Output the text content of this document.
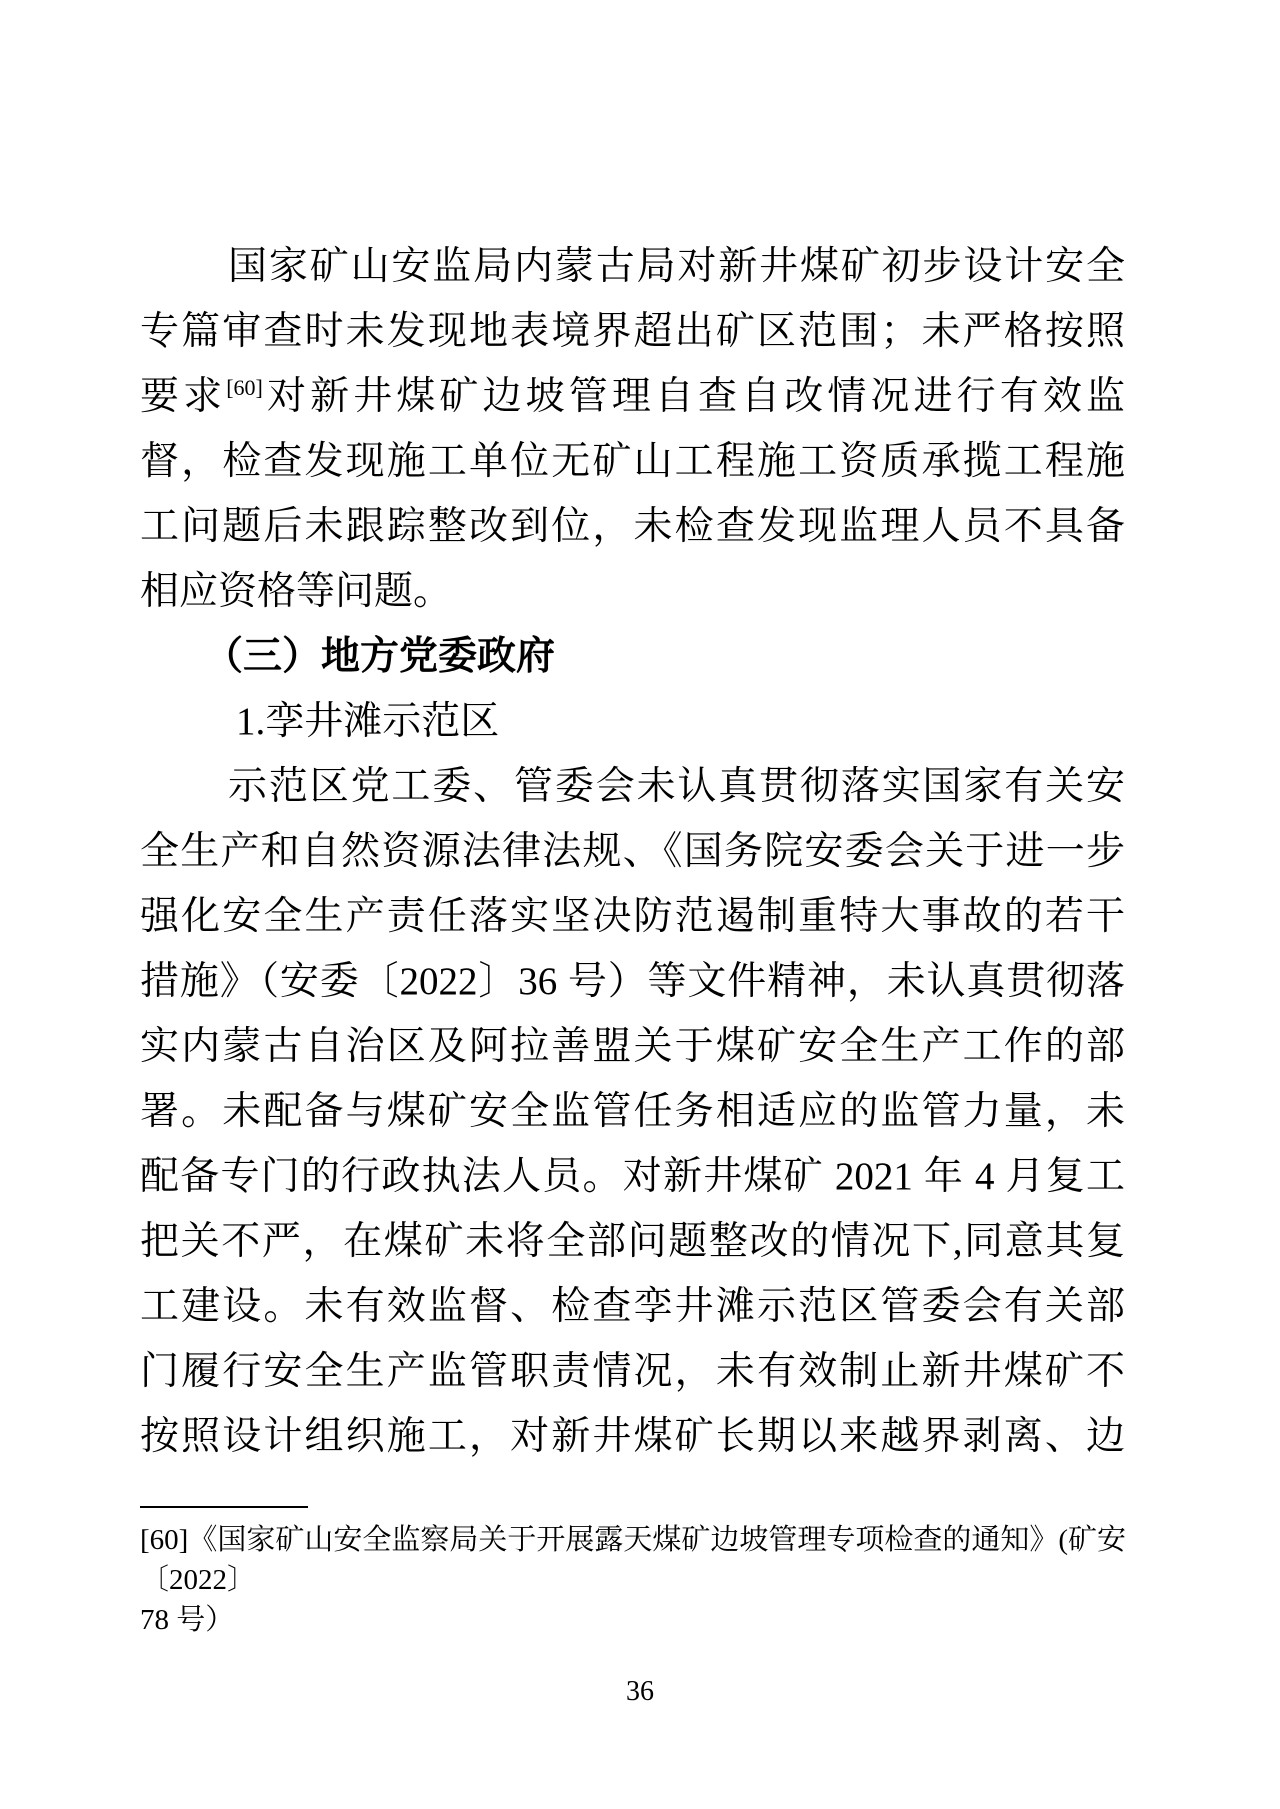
国家矿山安监局内蒙古局对新井煤矿初步设计安全
专篇审查时未发现地表境界超出矿区范围；未严格按照
要求[60]对新井煤矿边坡管理自查自改情况进行有效监
督，检查发现施工单位无矿山工程施工资质承揽工程施
工问题后未跟踪整改到位，未检查发现监理人员不具备
相应资格等问题。
（三）地方党委政府
1.孪井滩示范区
示范区党工委、管委会未认真贯彻落实国家有关安
全生产和自然资源法律法规、《国务院安委会关于进一步
强化安全生产责任落实坚决防范遏制重特大事故的若干
措施》（安委〔2022〕36 号）等文件精神，未认真贯彻落
实内蒙古自治区及阿拉善盟关于煤矿安全生产工作的部
署。未配备与煤矿安全监管任务相适应的监管力量，未
配备专门的行政执法人员。对新井煤矿 2021 年 4 月复工
把关不严，在煤矿未将全部问题整改的情况下,同意其复
工建设。未有效监督、检查孪井滩示范区管委会有关部
门履行安全生产监管职责情况，未有效制止新井煤矿不
按照设计组织施工，对新井煤矿长期以来越界剥离、边
[60]《国家矿山安全监察局关于开展露天煤矿边坡管理专项检查的通知》(矿安〔2022〕
78 号）
36
